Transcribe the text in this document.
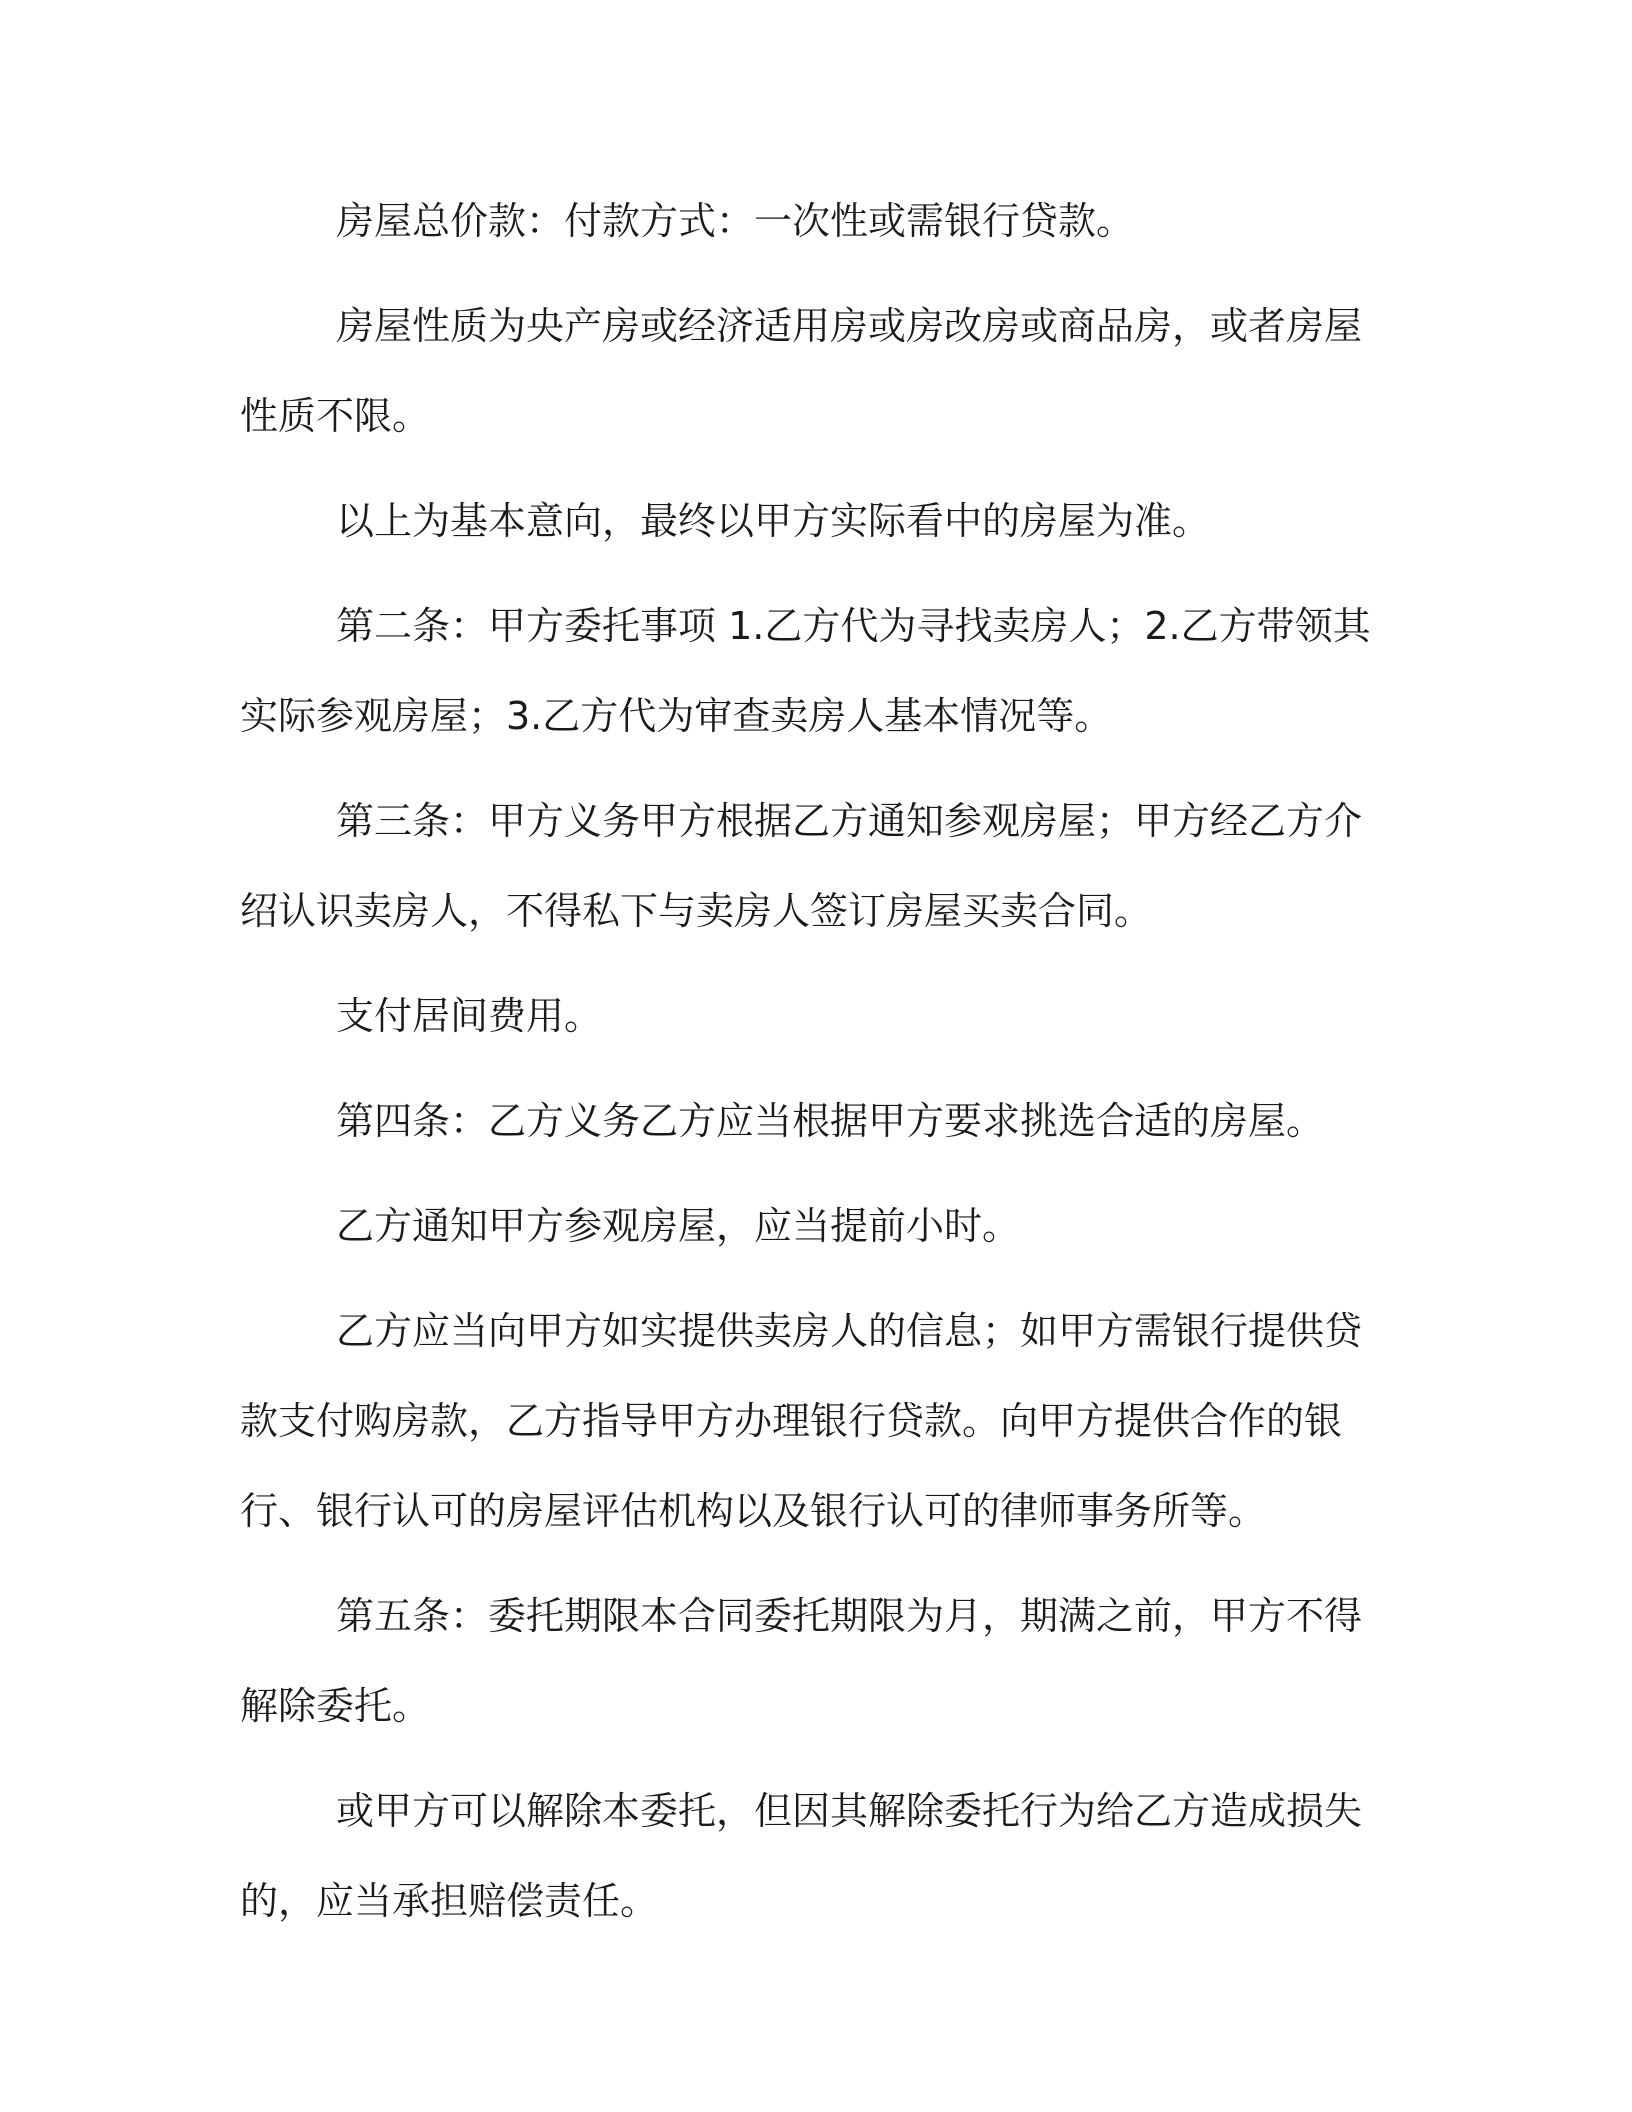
房屋总价款：付款方式：一次性或需银行贷款。

房屋性质为央产房或经济适用房或房改房或商品房，或者房屋性质不限。

以上为基本意向，最终以甲方实际看中的房屋为准。

第二条：甲方委托事项 1.乙方代为寻找卖房人；2.乙方带领其实际参观房屋；3.乙方代为审查卖房人基本情况等。

第三条：甲方义务甲方根据乙方通知参观房屋；甲方经乙方介绍认识卖房人，不得私下与卖房人签订房屋买卖合同。

支付居间费用。

第四条：乙方义务乙方应当根据甲方要求挑选合适的房屋。

乙方通知甲方参观房屋，应当提前小时。

乙方应当向甲方如实提供卖房人的信息；如甲方需银行提供贷款支付购房款，乙方指导甲方办理银行贷款。向甲方提供合作的银行、银行认可的房屋评估机构以及银行认可的律师事务所等。

第五条：委托期限本合同委托期限为月，期满之前，甲方不得解除委托。

或甲方可以解除本委托，但因其解除委托行为给乙方造成损失的，应当承担赔偿责任。
